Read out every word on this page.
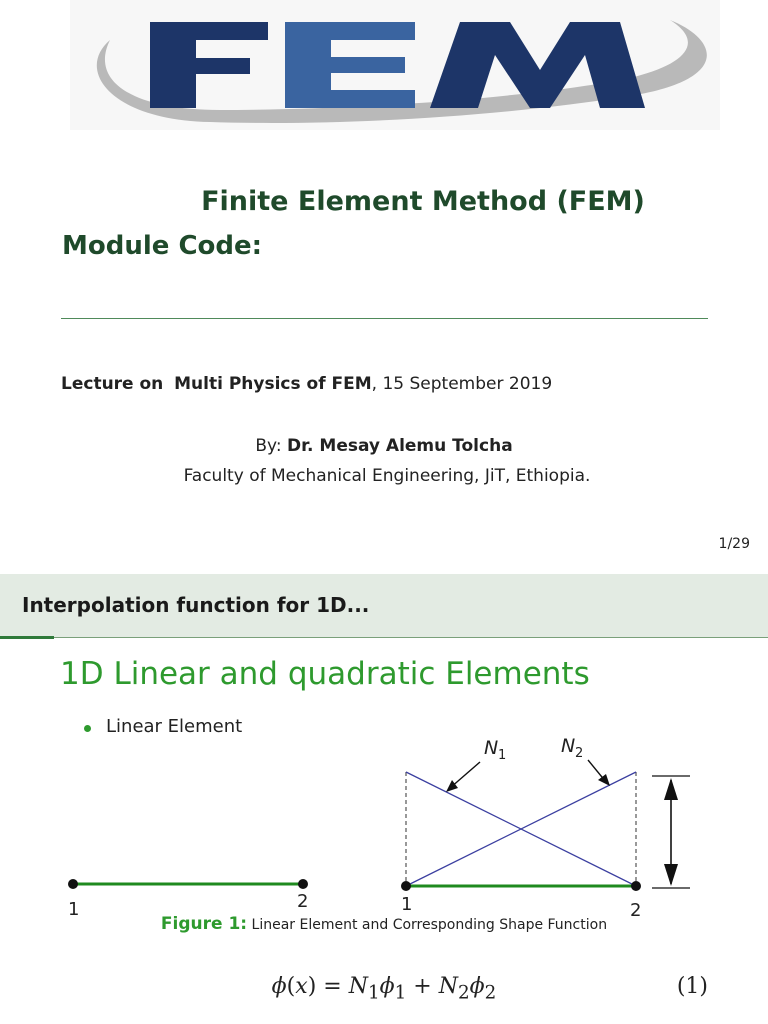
Finite Element Method (FEM)
Module Code:
Lecture on Multi Physics of FEM, 15 September 2019
By: Dr. Mesay Alemu Tolcha
Faculty of Mechanical Engineering, JiT, Ethiopia.
1/29
Interpolation function for 1D...
1D Linear and quadratic Elements
Linear Element
1	2	1	2
N 1	N 2
Figure 1: Linear Element and Corresponding Shape Function
$\phi(x) = N_1\phi_1 + N_2\phi_2$	(1)
